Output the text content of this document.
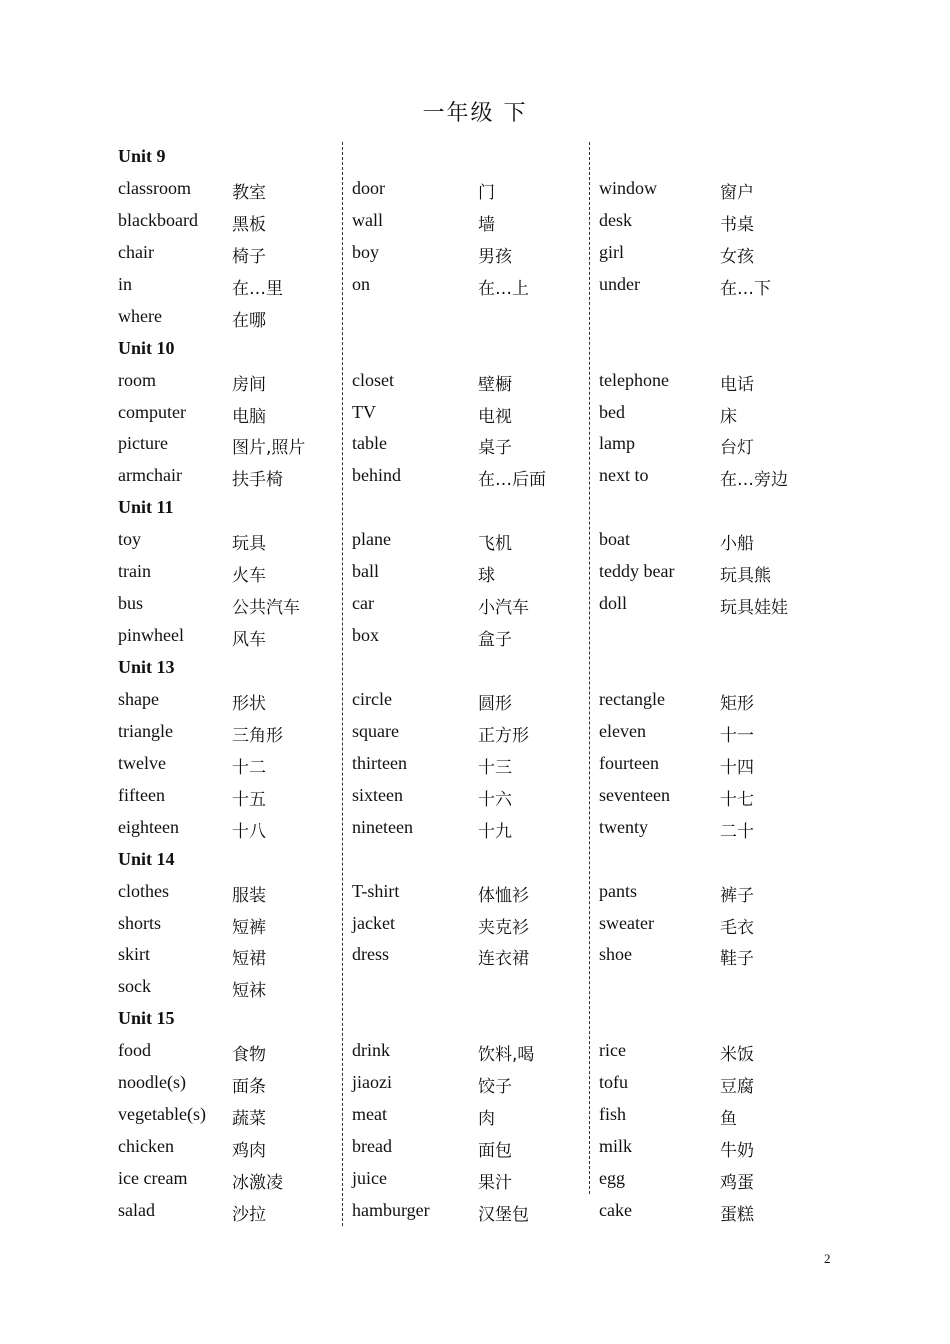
一年级 下
Unit 9
classroom 教室	door	门	window	窗户
blackboard 黑板	wall	墙	desk	书桌
chair	椅子	boy	男孩	girl	女孩
in	在…里	on	在…上	under	在…下
where	在哪
Unit 10
room	房间	closet	壁橱	telephone	电话
computer	电脑	TV	电视	bed	床
picture	图片,照片	table	桌子	lamp	台灯
armchair	扶手椅	behind	在…后面	next to	在…旁边
Unit 11
toy	玩具	plane	飞机	boat	小船
train	火车	ball	球	teddy bear	玩具熊
bus	公共汽车	car	小汽车	doll	玩具娃娃
pinwheel	风车	box	盒子
Unit 13
shape	形状	circle	圆形	rectangle	矩形
triangle	三角形	square	正方形	eleven	十一
twelve	十二	thirteen	十三	fourteen	十四
fifteen	十五	sixteen	十六	seventeen	十七
eighteen	十八	nineteen	十九	twenty	二十
Unit 14
clothes	服装	T-shirt	体恤衫	pants	裤子
shorts	短裤	jacket	夹克衫	sweater	毛衣
skirt	短裙	dress	连衣裙	shoe	鞋子
sock	短袜
Unit 15
food	食物	drink	饮料,喝	rice	米饭
noodle(s)	面条	jiaozi	饺子	tofu	豆腐
vegetable(s) 蔬菜	meat	肉	fish	鱼
chicken	鸡肉	bread	面包	milk	牛奶
ice cream	冰激凌	juice	果汁	egg	鸡蛋
salad	沙拉	hamburger	汉堡包	cake	蛋糕
2
